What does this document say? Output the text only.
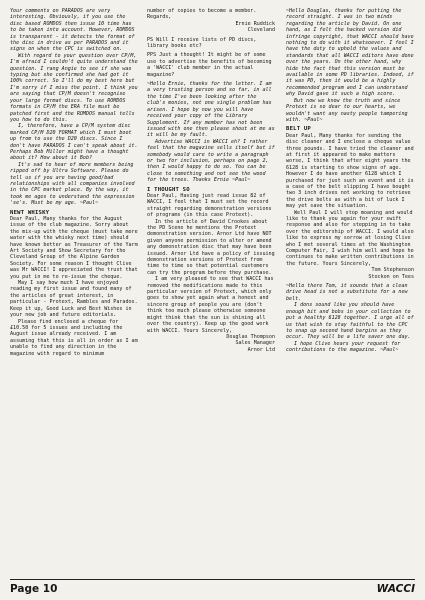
Your comments on PARADOS are very interesting. Obviously, if you use the disc based ROMDOS then issue 10 time has to be taken into account. However, ROMDOS is transparent - it detects the format of the disc in drive as per PARADOS and it signs on when the CPC is switched on.

With regard to your question over CP/M, I'm afraid I couldn't quite understand the question. I rang Angie to see if she was typing but she confirmed she had got it 100% correct. So I'll do my best here but I'm sorry if I miss the point. I think you are saying that CP/M doesn't recognise your large format discs. To use ROMDOS formats in CP/M the ERA file must be patched first and the ROMDOS manual tells you how to do this.

I, therefore, have a CP/M system disc marked CP/M D20 FORMAT which I must boot up from to use the D20 discs. Since I don't have PARADOS I can't speak about it. Perhaps Bob Miller might have a thought about it? How about it Bob?

It's sad to hear of more members being ripped off by Ultra Software. Please do tell us if you are having good/bad relationships with all companies involved in the CPC market place. By the way, it took me ages to understand the expression 'se's. Must be my age. ~Paul~

NEWT WHISKY

Dear Paul, Many thanks for the August issue of the club magazine. Sorry about the mix-up with the cheque (must take more water with the whisky next time) should have known better as Treasurer of the Yarm Art Society and Show Secretary for the Cleveland Group of the Alpine Garden Society. For some reason I thought Clive was Mr WACCI! I appreciated the trust that you put in me to re-issue the cheque.

May I say how much I have enjoyed reading my first issue and found many of the articles of great interest, in particular - Protext, Rambles and Parados. Keep it up, Good Luck and Best Wishes in your new job and future editorials.

Please find enclosed a cheque for £10.50 for 5 issues and including the August issue already received. I am assuming that this is all in order as I am unable to find any direction in the magazine with regard to minimum

number of copies to become a member. Regards,

Ernie Ruddick

Cleveland

PS Will I receive lists of PD discs, library books etc?

PPS Just a thought! It might be of some use to advertise the benefits of becoming a 'WACCI' club member in the actual magazine?

~Hello Ernie, thanks for the letter. I am a very trusting person and so far, in all the time I've been looking after the club's monies, not one single problem has arisen. I hope by now you will have received your copy of the Library Supplement. If any member has not been issued with one then please shout at me as it will be my fault.

Advertise WACCI in WACCI eh? I rather feel that the magazine sells itself but if somebody would care to write a paragraph or two for inclusion, perhaps on page 2, then I would happy to do so. You can be close to something and not see the wood for the trees. Thanks Ernie ~Paul~

I THOUGHT SO

Dear Paul, Having just read issue 82 of WACCI, I feel that I must set the record straight regarding demonstration versions of programs (in this case Protext).

In the article of David Crookes about the PD Scene he mentions the Protext demonstration version. Arnor Ltd have NOT given anyone permission to alter or amend any demonstration disc that may have been issued. Arnor Ltd have a policy of issuing demonstration versions of Protext from time to time so that potential customers can try the program before they purchase.

I am very pleased to see that WACCI has removed the modifications made to this particular version of Protext, which only goes to show yet again what a honest and sincere group of people you are (don't think too much please otherwise someone might think that the sun is shining all over the country). Keep up the good work with WACCI. Yours Sincerely,

Douglas Thompson

Sales Manager

Arnor Ltd

~Hello Douglas, thanks for putting the record straight. I was in two minds regarding the article by David. On one hand, as I felt the hacked version did infringe copyright, that WACCI should have nothing to do with it whatsoever. I feel I have the duty to uphold the values and standards that all WACCI editors have done over the years. On the other hand, why hide the fact that this version must be available in some PD libraries. Indeed, if it was PD, then it would be a highly recommended program and I can understand why David gave it such a high score.

But now we know the truth and since Protext is so dear to our hearts, we wouldn't want any nasty people tampering with. ~Paul~

BELT UP

Dear Paul, Many thanks for sending the disc cleaner and I enclose a cheque value three pounds. I have tried the cleaner and at first it appeared to make matters worse, I think that after eight years the 6128 is starting to show signs of age. However I do have another 6128 which I purchased for just such an event and it is a case of the belt slipping I have bought two 3 inch drives not working to retrieve the drive belts as with a bit of luck I may yet save the situation.

Well Paul I will stop moaning and would like to thank you again for your swift response and also for stepping in to take over the editorship of WACCI. I would also like to express my sorrow at losing Clive who I met several times at the Washington Computer Fair, I wish him well and hope he continues to make written contributions in the future. Yours Sincerely,

Tom Stephenson

Stockon on Tees

~Hello there Tom, it sounds that a clean drive head is not a substitute for a new belt.

I dons sound like you should have enough bit and bobs in your collection to put a healthy 6128 together. I urge all of us that wish to stay faithful to the CPC to snap up second hand bargins as they occur. They will be a life saver one day.

I hope Clive hears your request for contributions to the magazine. ~Paul~

Page 10	WACCI
